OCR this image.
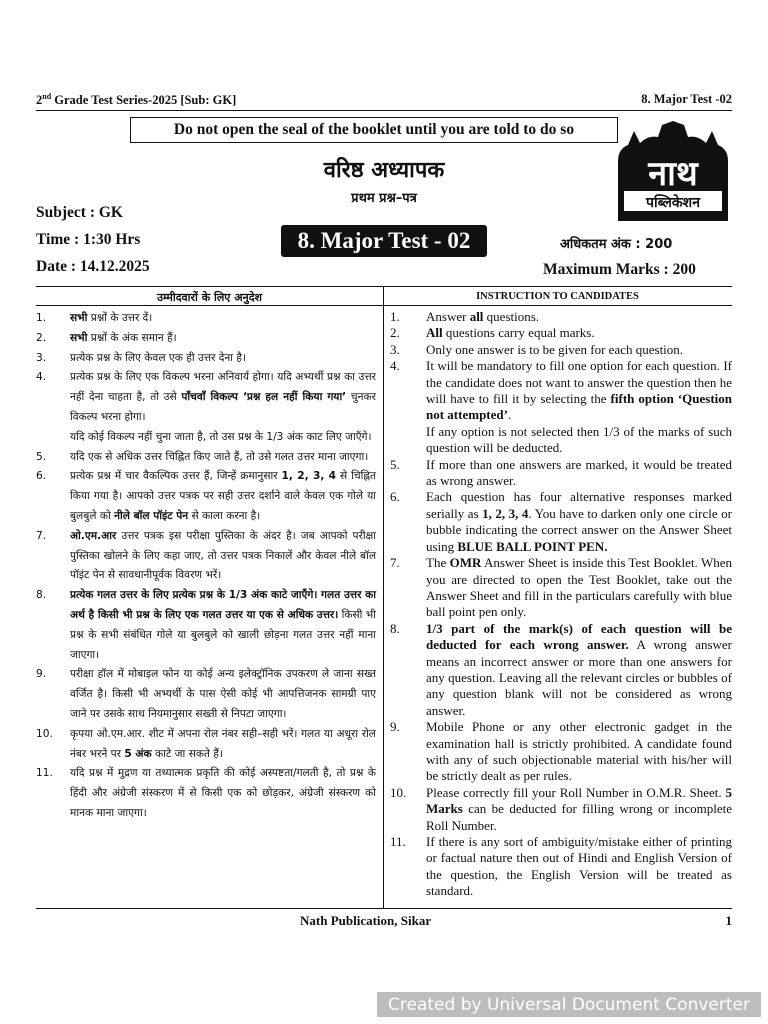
2nd Grade Test Series-2025 [Sub: GK]	8. Major Test -02
Do not open the seal of the booklet until you are told to do so
वरिष्ठ अध्यापक
प्रथम प्रश्न–पत्र
नाथ
पब्लिकेशन
Subject : GK
Time : 1:30 Hrs
Date : 14.12.2025
8. Major Test - 02	अधिकतम अंक : 200
Maximum Marks : 200
उम्मीदवारों के लिए अनुदेश	INSTRUCTION TO CANDIDATES
1.	सभी प्रश्नों के उत्तर दें।
2.	सभी प्रश्नों के अंक समान हैं।
3.	प्रत्येक प्रश्न के लिए केवल एक ही उत्तर देना है।
4.	प्रत्येक प्रश्न के लिए एक विकल्प भरना अनिवार्य होगा। यदि अभ्यर्थी प्रश्न का उत्तर नहीं देना चाहता है, तो उसे पाँचवाँ विकल्प ‘प्रश्न हल नहीं किया गया’ चुनकर विकल्प भरना होगा।
यदि कोई विकल्प नहीं चुना जाता है, तो उस प्रश्न के 1/3 अंक काट लिए जाएँगे।
5.	यदि एक से अधिक उत्तर चिह्नित किए जाते हैं, तो उसे गलत उत्तर माना जाएगा।
6.	प्रत्येक प्रश्न में चार वैकल्पिक उत्तर हैं, जिन्हें क्रमानुसार 1, 2, 3, 4 से चिह्नित किया गया है। आपको उत्तर पत्रक पर सही उत्तर दर्शाने वाले केवल एक गोले या बुलबुले को नीले बॉल पॉइंट पेन से काला करना है।
7.	ओ.एम.आर उत्तर पत्रक इस परीक्षा पुस्तिका के अंदर है। जब आपको परीक्षा पुस्तिका खोलने के लिए कहा जाए, तो उत्तर पत्रक निकालें और केवल नीले बॉल पॉइंट पेन से सावधानीपूर्वक विवरण भरें।
8.	प्रत्येक गलत उत्तर के लिए प्रत्येक प्रश्न के 1/3 अंक काटे जाएँगे। गलत उत्तर का अर्थ है किसी भी प्रश्न के लिए एक गलत उत्तर या एक से अधिक उत्तर। किसी भी प्रश्न के सभी संबंधित गोले या बुलबुले को खाली छोड़ना गलत उत्तर नहीं माना जाएगा।
9.	परीक्षा हॉल में मोबाइल फोन या कोई अन्य इलेक्ट्रॉनिक उपकरण ले जाना सख्त वर्जित है। किसी भी अभ्यर्थी के पास ऐसी कोई भी आपत्तिजनक सामग्री पाए जाने पर उसके साथ नियमानुसार सख्ती से निपटा जाएगा।
10.	कृपया ओ.एम.आर. शीट में अपना रोल नंबर सही–सही भरें। गलत या अधूरा रोल नंबर भरने पर 5 अंक काटे जा सकते हैं।
11.	यदि प्रश्न में मुद्रण या तथ्यात्मक प्रकृति की कोई अस्पष्टता/गलती है, तो प्रश्न के हिंदी और अंग्रेजी संस्करण में से किसी एक को छोड़कर, अंग्रेजी संस्करण को मानक माना जाएगा।
1.	Answer all questions.
2.	All questions carry equal marks.
3.	Only one answer is to be given for each question.
4.	It will be mandatory to fill one option for each question. If the candidate does not want to answer the question then he will have to fill it by selecting the fifth option ‘Question not attempted’.
If any option is not selected then 1/3 of the marks of such question will be deducted.
5.	If more than one answers are marked, it would be treated as wrong answer.
6.	Each question has four alternative responses marked serially as 1, 2, 3, 4. You have to darken only one circle or bubble indicating the correct answer on the Answer Sheet using BLUE BALL POINT PEN.
7.	The OMR Answer Sheet is inside this Test Booklet. When you are directed to open the Test Booklet, take out the Answer Sheet and fill in the particulars carefully with blue ball point pen only.
8.	1/3 part of the mark(s) of each question will be deducted for each wrong answer. A wrong answer means an incorrect answer or more than one answers for any question. Leaving all the relevant circles or bubbles of any question blank will not be considered as wrong answer.
9.	Mobile Phone or any other electronic gadget in the examination hall is strictly prohibited. A candidate found with any of such objectionable material with his/her will be strictly dealt as per rules.
10.	Please correctly fill your Roll Number in O.M.R. Sheet. 5 Marks can be deducted for filling wrong or incomplete Roll Number.
11.	If there is any sort of ambiguity/mistake either of printing or factual nature then out of Hindi and English Version of the question, the English Version will be treated as standard.
Nath Publication, Sikar	1
Created by Universal Document Converter
